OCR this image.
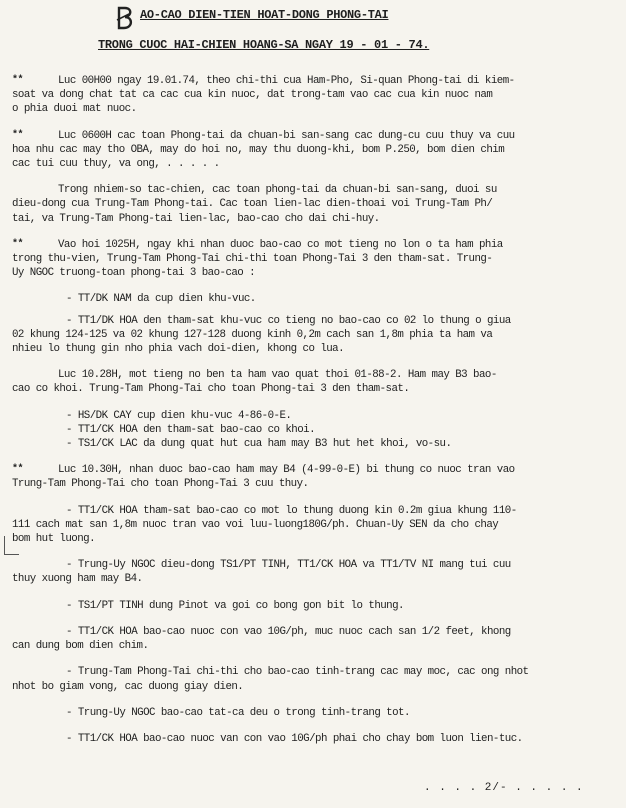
AO-CAO DIEN-TIEN HOAT-DONG PHONG-TAI
TRONG CUOC HAI-CHIEN HOANG-SA NGAY 19 - 01 - 74.
**	Luc 00H00 ngay 19.01.74, theo chi-thi cua Ham-Pho, Si-quan Phong-tai di kiem-
soat va dong chat tat ca cac cua kin nuoc, dat trong-tam vao cac cua kin nuoc nam
o phia duoi mat nuoc.
**	Luc 0600H cac toan Phong-tai da chuan-bi san-sang cac dung-cu cuu thuy va cuu
hoa nhu cac may tho OBA, may do hoi no, may thu duong-khi, bom P.250, bom dien chim
cac tui cuu thuy, va ong, . . . . .
Trong nhiem-so tac-chien, cac toan phong-tai da chuan-bi san-sang, duoi su
dieu-dong cua Trung-Tam Phong-tai. Cac toan lien-lac dien-thoai voi Trung-Tam Ph/
tai, va Trung-Tam Phong-tai lien-lac, bao-cao cho dai chi-huy.
**	Vao hoi 1025H, ngay khi nhan duoc bao-cao co mot tieng no lon o ta ham phia
trong thu-vien, Trung-Tam Phong-Tai chi-thi toan Phong-Tai 3 den tham-sat. Trung-
Uy NGOC truong-toan phong-tai 3 bao-cao :
- TT/DK NAM da cup dien khu-vuc.
- TT1/DK HOA den tham-sat khu-vuc co tieng no bao-cao co 02 lo thung o giua
02 khung 124-125 va 02 khung 127-128 duong kinh 0,2m cach san 1,8m phia ta ham va
nhieu lo thung gin nho phia vach doi-dien, khong co lua.
Luc 10.28H, mot tieng no ben ta ham vao quat thoi 01-88-2. Ham may B3 bao-
cao co khoi. Trung-Tam Phong-Tai cho toan Phong-tai 3 den tham-sat.
- HS/DK CAY cup dien khu-vuc 4-86-0-E.
- TT1/CK HOA den tham-sat bao-cao co khoi.
- TS1/CK LAC da dung quat hut cua ham may B3 hut het khoi, vo-su.
**	Luc 10.30H, nhan duoc bao-cao ham may B4 (4-99-0-E) bi thung co nuoc tran vao
Trung-Tam Phong-Tai cho toan Phong-Tai 3 cuu thuy.
- TT1/CK HOA tham-sat bao-cao co mot lo thung duong kin 0.2m giua khung 110-
111 cach mat san 1,8m nuoc tran vao voi luu-luong180G/ph. Chuan-Uy SEN da cho chay
bom hut luong.
- Trung-Uy NGOC dieu-dong TS1/PT TINH, TT1/CK HOA va TT1/TV NI mang tui cuu
thuy xuong ham may B4.
- TS1/PT TINH dung Pinot va goi co bong gon bit lo thung.
- TT1/CK HOA bao-cao nuoc con vao 10G/ph, muc nuoc cach san 1/2 feet, khong
can dung bom dien chim.
- Trung-Tam Phong-Tai chi-thi cho bao-cao tinh-trang cac may moc, cac ong nhot
nhot bo giam vong, cac duong giay dien.
- Trung-Uy NGOC bao-cao tat-ca deu o trong tinh-trang tot.
- TT1/CK HOA bao-cao nuoc van con vao 10G/ph phai cho chay bom luon lien-tuc.
. . . . 2/- . . . . .
